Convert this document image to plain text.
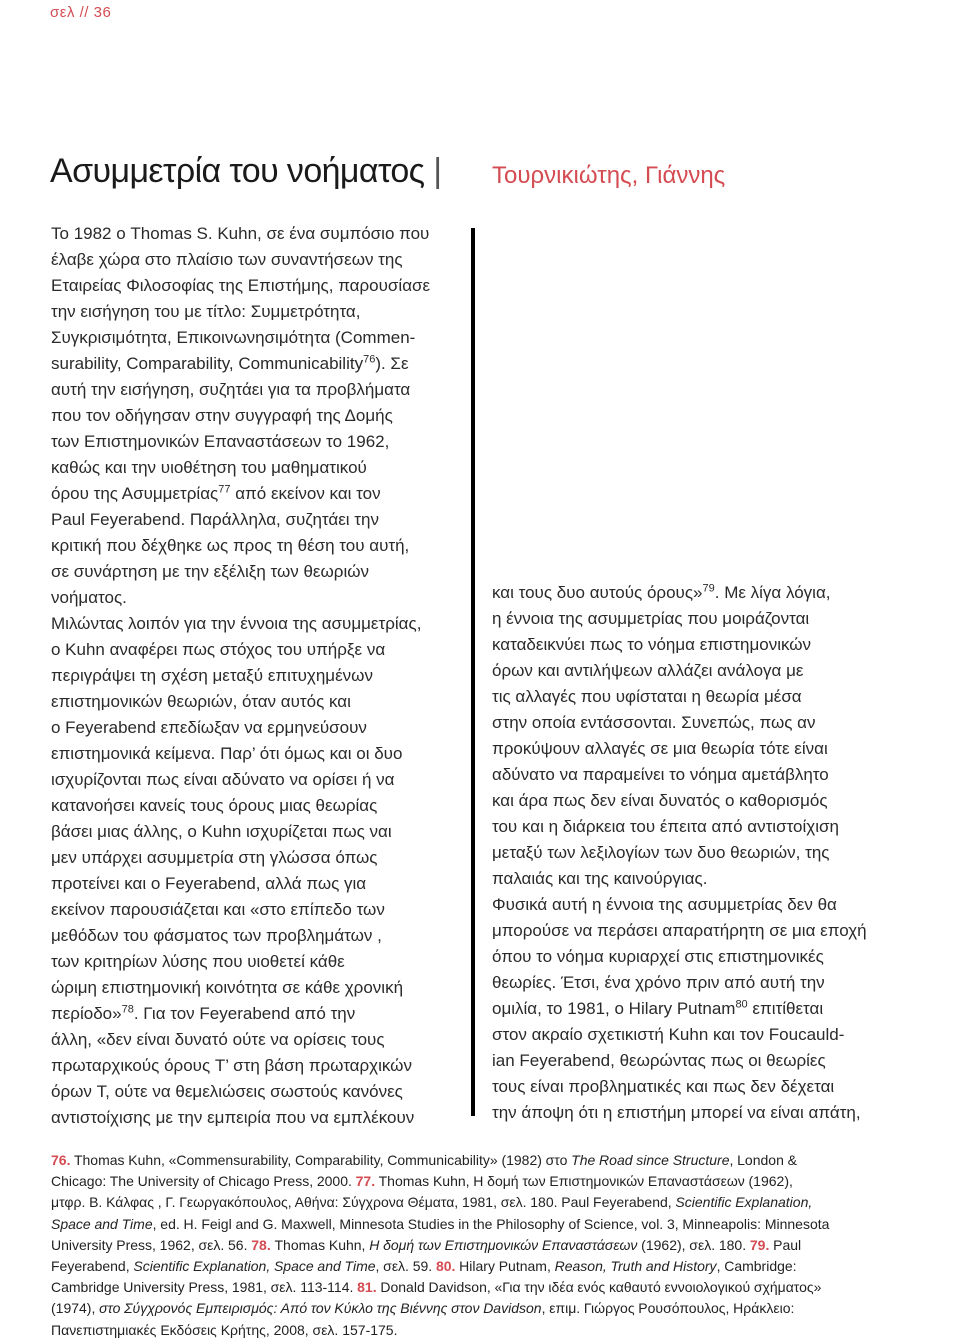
σελ // 36
Ασυμμετρία του νοήματος | Τουρνικιώτης, Γιάννης
Το 1982 ο Thomas S. Kuhn, σε ένα συμπόσιο που
έλαβε χώρα στο πλαίσιο των συναντήσεων της
Εταιρείας Φιλοσοφίας της Επιστήμης, παρουσίασε
την εισήγηση του με τίτλο: Συμμετρότητα,
Συγκρισιμότητα, Επικοινωνησιμότητα (Commen-
surability, Comparability, Communicability$^{76}$). Σε
αυτή την εισήγηση, συζητάει για τα προβλήματα
που τον οδήγησαν στην συγγραφή της Δομής
των Επιστημονικών Επαναστάσεων το 1962,
καθώς και την υιοθέτηση του μαθηματικού
όρου της Ασυμμετρίας$^{77}$ από εκείνον και τον
Paul Feyerabend. Παράλληλα, συζητάει την
κριτική που δέχθηκε ως προς τη θέση του αυτή,
σε συνάρτηση με την εξέλιξη των θεωριών
νοήματος.
Μιλώντας λοιπόν για την έννοια της ασυμμετρίας,
ο Kuhn αναφέρει πως στόχος του υπήρξε να
περιγράψει τη σχέση μεταξύ επιτυχημένων
επιστημονικών θεωριών, όταν αυτός και
ο Feyerabend επεδίωξαν να ερμηνεύσουν
επιστημονικά κείμενα. Παρ’ ότι όμως και οι δυο
ισχυρίζονται πως είναι αδύνατο να ορίσει ή να
κατανοήσει κανείς τους όρους μιας θεωρίας
βάσει μιας άλλης, ο Kuhn ισχυρίζεται πως ναι
μεν υπάρχει ασυμμετρία στη γλώσσα όπως
προτείνει και ο Feyerabend, αλλά πως για
εκείνον παρουσιάζεται και «στο επίπεδο των
μεθόδων του φάσματος των προβλημάτων ,
των κριτηρίων λύσης που υιοθετεί κάθε
ώριμη επιστημονική κοινότητα σε κάθε χρονική
περίοδο»$^{78}$. Για τον Feyerabend από την
άλλη, «δεν είναι δυνατό ούτε να ορίσεις τους
πρωταρχικούς όρους T’ στη βάση πρωταρχικών
όρων T, ούτε να θεμελιώσεις σωστούς κανόνες
αντιστοίχισης με την εμπειρία που να εμπλέκουν
και τους δυο αυτούς όρους»$^{79}$. Με λίγα λόγια,
η έννοια της ασυμμετρίας που μοιράζονται
καταδεικνύει πως το νόημα επιστημονικών
όρων και αντιλήψεων αλλάζει ανάλογα με
τις αλλαγές που υφίσταται η θεωρία μέσα
στην οποία εντάσσονται. Συνεπώς, πως αν
προκύψουν αλλαγές σε μια θεωρία τότε είναι
αδύνατο να παραμείνει το νόημα αμετάβλητο
και άρα πως δεν είναι δυνατός ο καθορισμός
του και η διάρκεια του έπειτα από αντιστοίχιση
μεταξύ των λεξιλογίων των δυο θεωριών, της
παλαιάς και της καινούργιας.
Φυσικά αυτή η έννοια της ασυμμετρίας δεν θα
μπορούσε να περάσει απαρατήρητη σε μια εποχή
όπου το νόημα κυριαρχεί στις επιστημονικές
θεωρίες. Έτσι, ένα χρόνο πριν από αυτή την
ομιλία, το 1981, ο Hilary Putnam$^{80}$ επιτίθεται
στον ακραίο σχετικιστή Kuhn και τον Foucauld-
ian Feyerabend, θεωρώντας πως οι θεωρίες
τους είναι προβληματικές και πως δεν δέχεται
την άποψη ότι η επιστήμη μπορεί να είναι απάτη,
76. Thomas Kuhn, «Commensurability, Comparability, Communicability» (1982) στο The Road since Structure, London &
Chicago: The University of Chicago Press, 2000. 77. Thomas Kuhn, Η δομή των Επιστημονικών Επαναστάσεων (1962),
μτφρ. Β. Κάλφας , Γ. Γεωργακόπουλος, Αθήνα: Σύγχρονα Θέματα, 1981, σελ. 180. Paul Feyerabend, Scientific Explanation,
Space and Time, ed. H. Feigl and G. Maxwell, Minnesota Studies in the Philosophy of Science, vol. 3, Minneapolis: Minnesota
University Press, 1962, σελ. 56. 78. Thomas Kuhn, Η δομή των Επιστημονικών Επαναστάσεων (1962), σελ. 180. 79. Paul
Feyerabend, Scientific Explanation, Space and Time, σελ. 59. 80. Hilary Putnam, Reason, Truth and History, Cambridge:
Cambridge University Press, 1981, σελ. 113-114. 81. Donald Davidson, «Για την ιδέα ενός καθαυτό εννοιολογικού σχήματος»
(1974), στο Σύγχρονός Εμπειρισμός: Από τον Κύκλο της Βιέννης στον Davidson, επιμ. Γιώργος Ρουσόπουλος, Ηράκλειο:
Πανεπιστημιακές Εκδόσεις Κρήτης, 2008, σελ. 157-175.
